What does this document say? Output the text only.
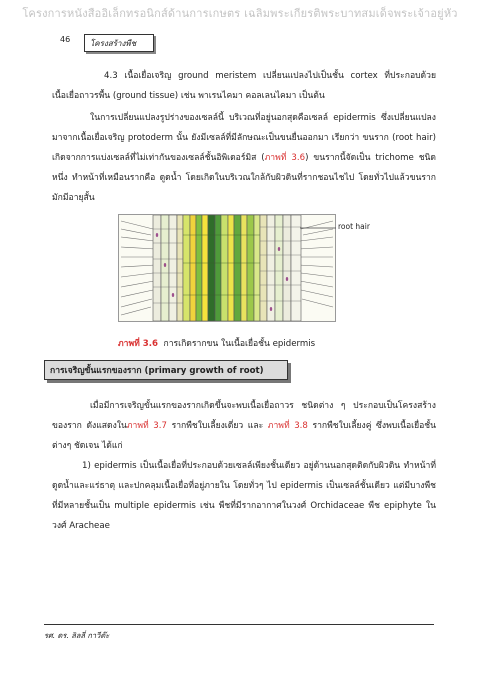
โครงการหนังสืออิเล็กทรอนิกส์ด้านการเกษตร เฉลิมพระเกียรติพระบาทสมเด็จพระเจ้าอยู่หัว
46	โครงสร้างพืช

4.3 เนื้อเยื่อเจริญ ground meristem เปลี่ยนแปลงไปเป็นชั้น cortex ที่ประกอบด้วย เนื้อเยื่อถาวรพื้น (ground tissue) เช่น พาเรนไคมา คอลเลนไคมา เป็นต้น

ในการเปลี่ยนแปลงรูปร่างของเซลล์นี้ บริเวณที่อยู่นอกสุดคือเซลล์ epidermis ซึ่งเปลี่ยนแปลงมาจากเนื้อเยื่อเจริญ protoderm นั้น ยังมีเซลล์ที่มีลักษณะเป็นขนยื่นออกมา เรียกว่า ขนราก (root hair) เกิดจากการแบ่งเซลล์ที่ไม่เท่ากันของเซลล์ชั้นอิพิเดอร์มิส (ภาพที่ 3.6) ขนรากนี้จัดเป็น trichome ชนิดหนึ่ง ทำหน้าที่เหมือนรากคือ ดูดน้ำ โดยเกิดในบริเวณใกล้กับผิวดินที่รากชอนไชไป โดยทั่วไปแล้วขนรากมักมีอายุสั้น

root hair
ภาพที่ 3.6 การเกิดรากขน ในเนื้อเยื่อชั้น epidermis
การเจริญขั้นแรกของราก (primary growth of root)

เมื่อมีการเจริญขั้นแรกของรากเกิดขึ้นจะพบเนื้อเยื่อถาวร ชนิดต่าง ๆ ประกอบเป็นโครงสร้างของราก ดังแสดงในภาพที่ 3.7 รากพืชใบเลี้ยงเดี่ยว และ ภาพที่ 3.8 รากพืชใบเลี้ยงคู่ ซึ่งพบเนื้อเยื่อชั้นต่างๆ ชัดเจน ได้แก่

1) epidermis เป็นเนื้อเยื่อที่ประกอบด้วยเซลล์เพียงชั้นเดียว อยู่ด้านนอกสุดติดกับผิวดิน ทำหน้าที่ดูดน้ำและแร่ธาตุ และปกคลุมเนื้อเยื่อที่อยู่ภายใน โดยทั่วๆ ไป epidermis เป็นเซลล์ชั้นเดียว แต่มีบางพืชที่มีหลายชั้นเป็น multiple epidermis เช่น พืชที่มีรากอากาศในวงศ์ Orchidaceae พืช epiphyte ในวงศ์ Aracheae

รศ. ดร. ลิลลี่ กาวีต๊ะ
